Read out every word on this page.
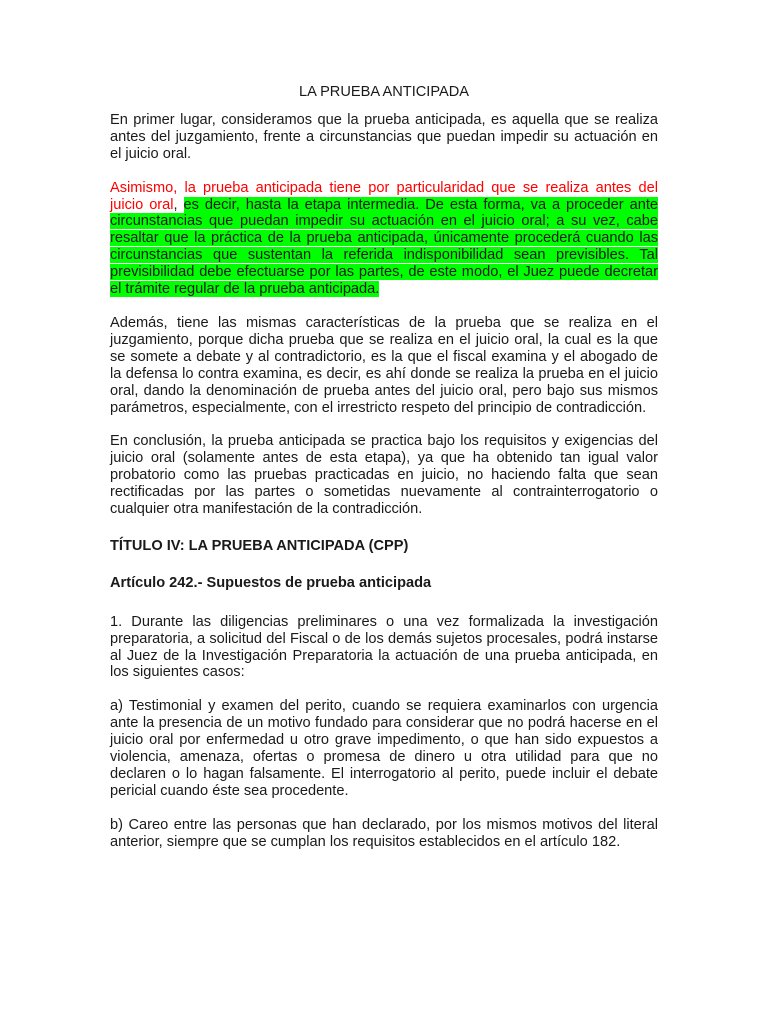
LA PRUEBA ANTICIPADA

En primer lugar, consideramos que la prueba anticipada, es aquella que se realiza antes del juzgamiento, frente a circunstancias que puedan impedir su actuación en el juicio oral.

Asimismo, la prueba anticipada tiene por particularidad que se realiza antes del juicio oral, es decir, hasta la etapa intermedia. De esta forma, va a proceder ante circunstancias que puedan impedir su actuación en el juicio oral; a su vez, cabe resaltar que la práctica de la prueba anticipada, únicamente procederá cuando las circunstancias que sustentan la referida indisponibilidad sean previsibles. Tal previsibilidad debe efectuarse por las partes, de este modo, el Juez puede decretar el trámite regular de la prueba anticipada.

Además, tiene las mismas características de la prueba que se realiza en el juzgamiento, porque dicha prueba que se realiza en el juicio oral, la cual es la que se somete a debate y al contradictorio, es la que el fiscal examina y el abogado de la defensa lo contra examina, es decir, es ahí donde se realiza la prueba en el juicio oral, dando la denominación de prueba antes del juicio oral, pero bajo sus mismos parámetros, especialmente, con el irrestricto respeto del principio de contradicción.

En conclusión, la prueba anticipada se practica bajo los requisitos y exigencias del juicio oral (solamente antes de esta etapa), ya que ha obtenido tan igual valor probatorio como las pruebas practicadas en juicio, no haciendo falta que sean rectificadas por las partes o sometidas nuevamente al contrainterrogatorio o cualquier otra manifestación de la contradicción.

TÍTULO IV: LA PRUEBA ANTICIPADA (CPP)

Artículo 242.- Supuestos de prueba anticipada

1. Durante las diligencias preliminares o una vez formalizada la investigación preparatoria, a solicitud del Fiscal o de los demás sujetos procesales, podrá instarse al Juez de la Investigación Preparatoria la actuación de una prueba anticipada, en los siguientes casos:

a) Testimonial y examen del perito, cuando se requiera examinarlos con urgencia ante la presencia de un motivo fundado para considerar que no podrá hacerse en el juicio oral por enfermedad u otro grave impedimento, o que han sido expuestos a violencia, amenaza, ofertas o promesa de dinero u otra utilidad para que no declaren o lo hagan falsamente. El interrogatorio al perito, puede incluir el debate pericial cuando éste sea procedente.

b) Careo entre las personas que han declarado, por los mismos motivos del literal anterior, siempre que se cumplan los requisitos establecidos en el artículo 182.
